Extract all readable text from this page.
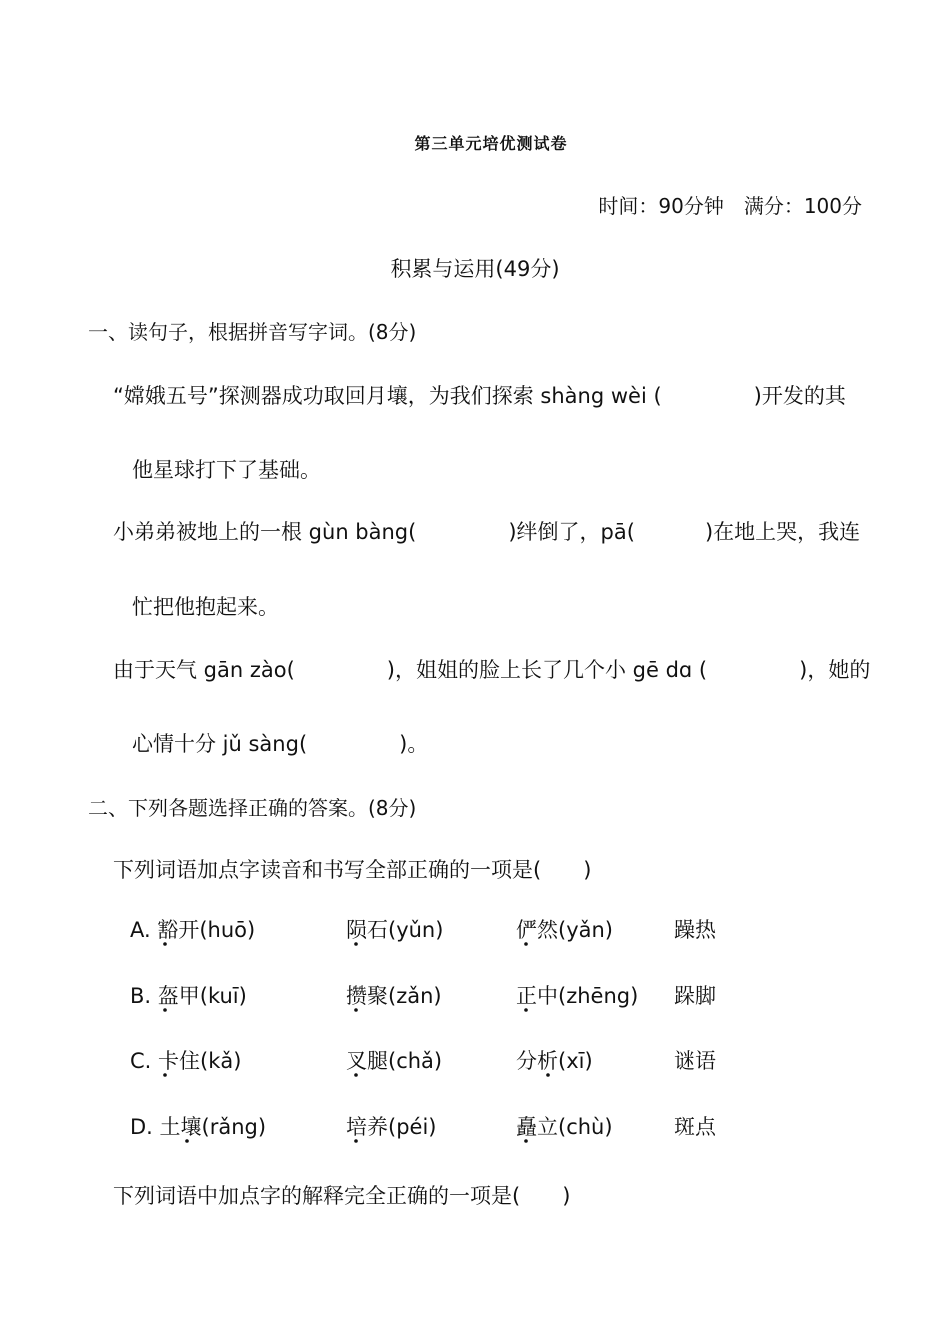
第三单元培优测试卷
时间：90分钟　满分：100分
积累与运用(49分)
一、读句子，根据拼音写字词。(8分)
“嫦娥五号”探测器成功取回月壤，为我们探索 shàng wèi (	)开发的其
他星球打下了基础。
小弟弟被地上的一根 gùn bàng(	)绊倒了，pā(	)在地上哭，我连
忙把他抱起来。
由于天气 gān zào(	)，姐姐的脸上长了几个小 gē dɑ (	)，她的
心情十分 jǔ sàng(	)。
二、下列各题选择正确的答案。(8分)
下列词语加点字读音和书写全部正确的一项是(　　)
A. 豁开(huō)	陨石(yǔn)	俨然(yǎn)	躁热
B. 盔甲(kuī)	攒聚(zǎn)	正中(zhēng) 跺脚
C. 卡住(kǎ)	叉腿(chǎ)	分析(xī)	谜语
D. 土壤(rǎng)	培养(péi)	矗立(chù)	斑点
下列词语中加点字的解释完全正确的一项是(　　)
